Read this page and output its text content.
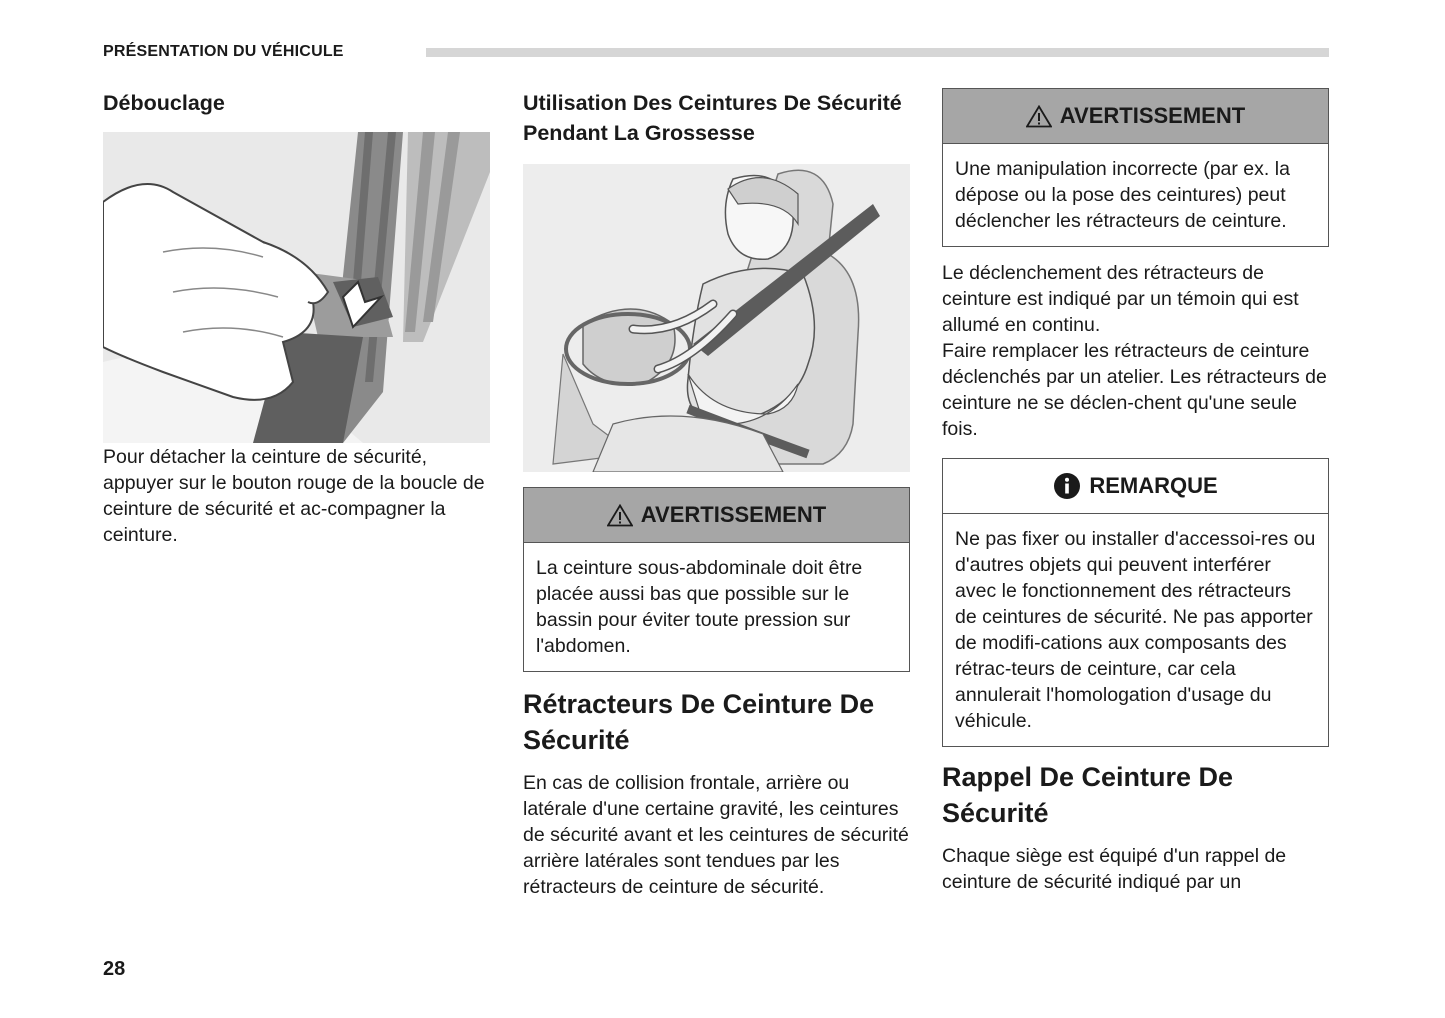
PRÉSENTATION DU VÉHICULE
Débouclage
Pour détacher la ceinture de sécurité, appuyer sur le bouton rouge de la boucle de ceinture de sécurité et ac-compagner la ceinture.
Utilisation Des Ceintures De Sécurité Pendant La Grossesse
AVERTISSEMENT
La ceinture sous-abdominale doit être placée aussi bas que possible sur le bassin pour éviter toute pression sur l'abdomen.
Rétracteurs De Ceinture De Sécurité
En cas de collision frontale, arrière ou latérale d'une certaine gravité, les ceintures de sécurité avant et les ceintures de sécurité arrière latérales sont tendues par les rétracteurs de ceinture de sécurité.
AVERTISSEMENT
Une manipulation incorrecte (par ex. la dépose ou la pose des ceintures) peut déclencher les rétracteurs de ceinture.
Le déclenchement des rétracteurs de ceinture est indiqué par un témoin qui est allumé en continu.
Faire remplacer les rétracteurs de ceinture déclenchés par un atelier. Les rétracteurs de ceinture ne se déclen-chent qu'une seule fois.
REMARQUE
Ne pas fixer ou installer d'accessoi-res ou d'autres objets qui peuvent interférer avec le fonctionnement des rétracteurs de ceintures de sécurité. Ne pas apporter de modifi-cations aux composants des rétrac-teurs de ceinture, car cela annulerait l'homologation d'usage du véhicule.
Rappel De Ceinture De Sécurité
Chaque siège est équipé d'un rappel de ceinture de sécurité indiqué par un
28
